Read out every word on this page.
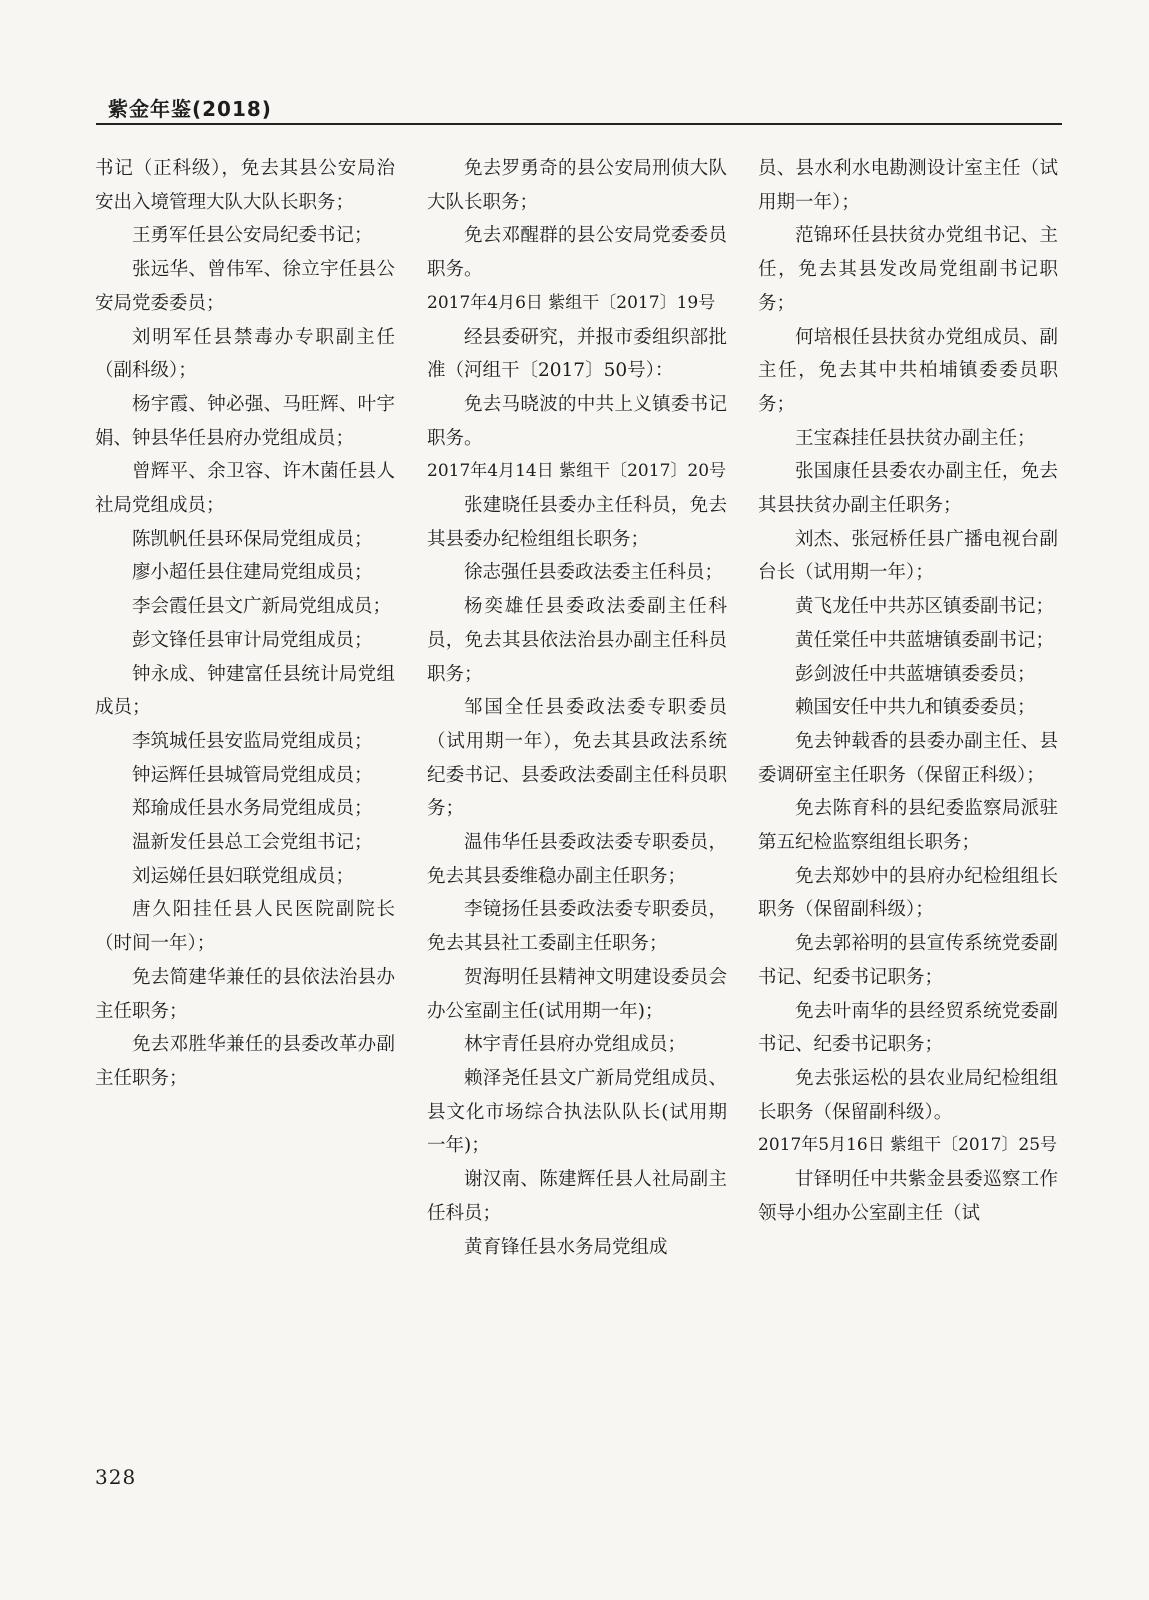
紫金年鉴(2018)

书记（正科级），免去其县公安局治安出入境管理大队大队长职务；

王勇军任县公安局纪委书记；

张远华、曾伟军、徐立宇任县公安局党委委员；

刘明军任县禁毒办专职副主任（副科级）；

杨宇霞、钟必强、马旺辉、叶宇娟、钟县华任县府办党组成员；

曾辉平、余卫容、许木菌任县人社局党组成员；

陈凯帆任县环保局党组成员；

廖小超任县住建局党组成员；

李会霞任县文广新局党组成员；

彭文锋任县审计局党组成员；

钟永成、钟建富任县统计局党组成员；

李筑城任县安监局党组成员；

钟运辉任县城管局党组成员；

郑瑜成任县水务局党组成员；

温新发任县总工会党组书记；

刘运娣任县妇联党组成员；

唐久阳挂任县人民医院副院长（时间一年）；

免去简建华兼任的县依法治县办主任职务；

免去邓胜华兼任的县委改革办副主任职务；

免去罗勇奇的县公安局刑侦大队大队长职务；

免去邓醒群的县公安局党委委员职务。

2017年4月6日 紫组干〔2017〕19号

经县委研究，并报市委组织部批准（河组干〔2017〕50号）：

免去马晓波的中共上义镇委书记职务。

2017年4月14日 紫组干〔2017〕20号

张建晓任县委办主任科员，免去其县委办纪检组组长职务；

徐志强任县委政法委主任科员；

杨奕雄任县委政法委副主任科员，免去其县依法治县办副主任科员职务；

邹国全任县委政法委专职委员（试用期一年），免去其县政法系统纪委书记、县委政法委副主任科员职务；

温伟华任县委政法委专职委员，免去其县委维稳办副主任职务；

李镜扬任县委政法委专职委员，免去其县社工委副主任职务；

贺海明任县精神文明建设委员会办公室副主任(试用期一年)；

林宇青任县府办党组成员；

赖泽尧任县文广新局党组成员、县文化市场综合执法队队长(试用期一年)；

谢汉南、陈建辉任县人社局副主任科员；

黄育锋任县水务局党组成

员、县水利水电勘测设计室主任（试用期一年）；

范锦环任县扶贫办党组书记、主任，免去其县发改局党组副书记职务；

何培根任县扶贫办党组成员、副主任，免去其中共柏埔镇委委员职务；

王宝森挂任县扶贫办副主任；

张国康任县委农办副主任，免去其县扶贫办副主任职务；

刘杰、张冠桥任县广播电视台副台长（试用期一年）；

黄飞龙任中共苏区镇委副书记；

黄任棠任中共蓝塘镇委副书记；

彭剑波任中共蓝塘镇委委员；

赖国安任中共九和镇委委员；

免去钟载香的县委办副主任、县委调研室主任职务（保留正科级）；

免去陈育科的县纪委监察局派驻第五纪检监察组组长职务；

免去郑妙中的县府办纪检组组长职务（保留副科级）；

免去郭裕明的县宣传系统党委副书记、纪委书记职务；

免去叶南华的县经贸系统党委副书记、纪委书记职务；

免去张运松的县农业局纪检组组长职务（保留副科级）。

2017年5月16日 紫组干〔2017〕25号

甘铎明任中共紫金县委巡察工作领导小组办公室副主任（试

328
